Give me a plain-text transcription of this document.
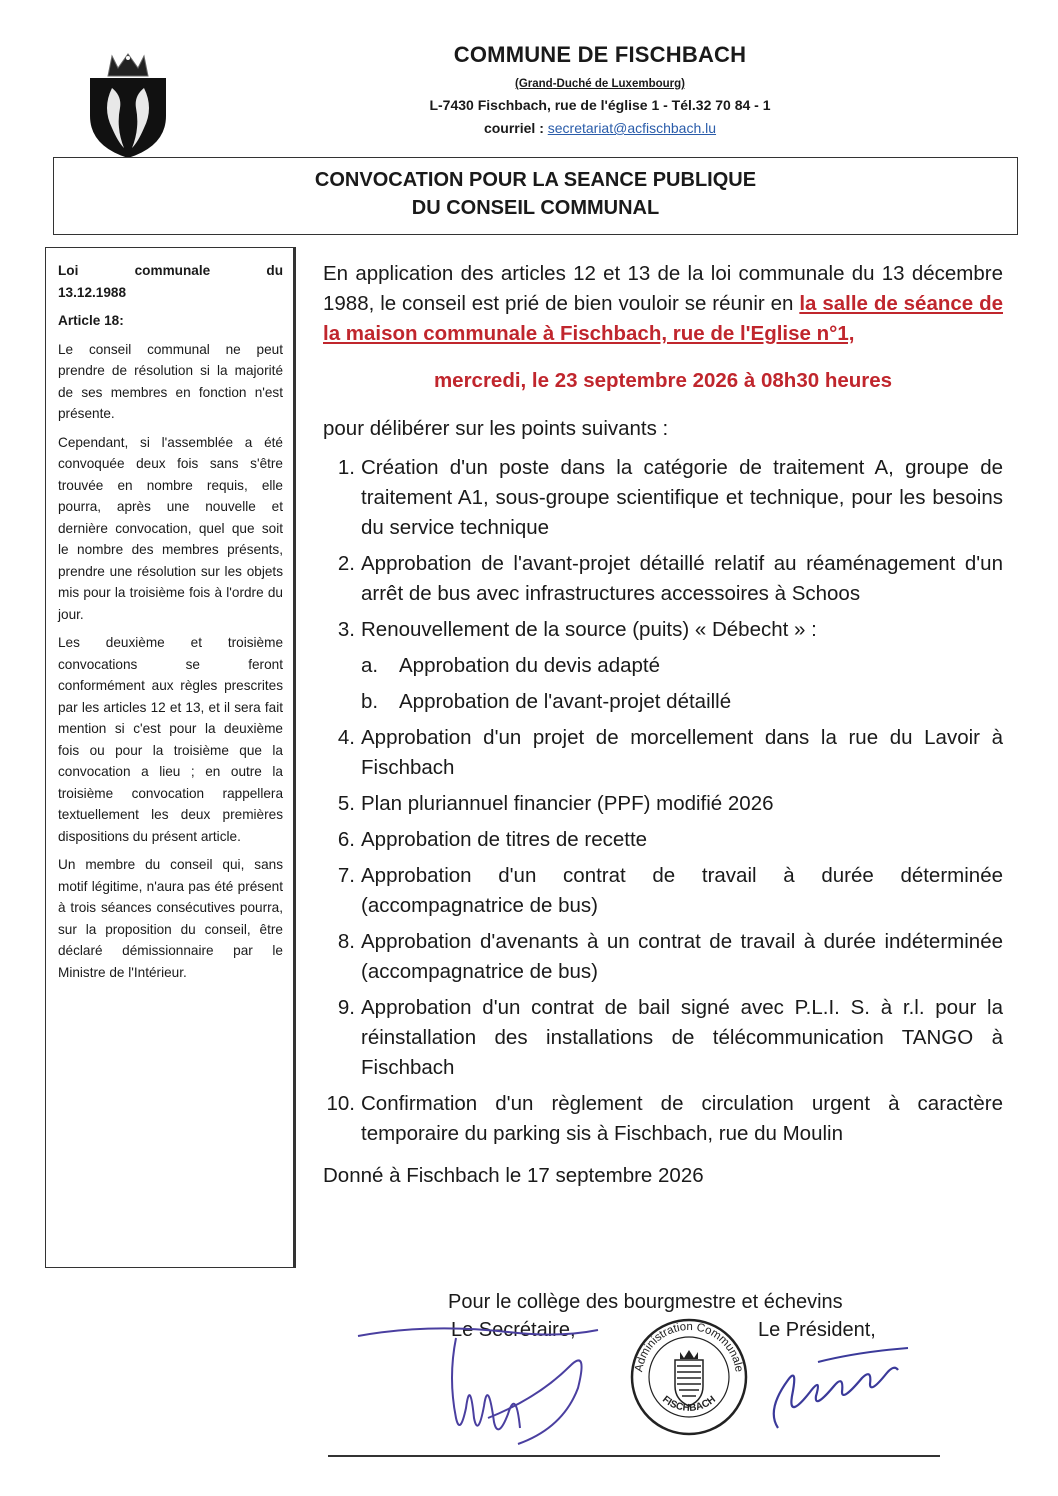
COMMUNE DE FISCHBACH
(Grand-Duché de Luxembourg)
L-7430 Fischbach, rue de l'église 1 - Tél.32 70 84 - 1
courriel : secretariat@acfischbach.lu
CONVOCATION POUR LA SEANCE PUBLIQUE
DU CONSEIL COMMUNAL

Loi communale du

13.12.1988

Article 18:

Le conseil communal ne peut prendre de résolution si la majorité de ses membres en fonction n'est présente.

Cependant, si l'assemblée a été convoquée deux fois sans s'être trouvée en nombre requis, elle pourra, après une nouvelle et dernière convocation, quel que soit le nombre des membres présents, prendre une résolution sur les objets mis pour la troisième fois à l'ordre du jour.

Les deuxième et troisième convocations se feront conformément aux règles prescrites par les articles 12 et 13, et il sera fait mention si c'est pour la deuxième fois ou pour la troisième que la convocation a lieu ; en outre la troisième convocation rappellera textuellement les deux premières dispositions du présent article.

Un membre du conseil qui, sans motif légitime, n'aura pas été présent à trois séances consécutives pourra, sur la proposition du conseil, être déclaré démissionnaire par le Ministre de l'Intérieur.

En application des articles 12 et 13 de la loi communale du 13 décembre 1988, le conseil est prié de bien vouloir se réunir en la salle de séance de la maison communale à Fischbach, rue de l'Eglise n°1,

mercredi, le 23 septembre 2026 à 08h30 heures

pour délibérer sur les points suivants :

1. Création d'un poste dans la catégorie de traitement A, groupe de traitement A1, sous-groupe scientifique et technique, pour les besoins du service technique
2. Approbation de l'avant-projet détaillé relatif au réaménagement d'un arrêt de bus avec infrastructures accessoires à Schoos
3. Renouvellement de la source (puits) « Débecht » :
a. Approbation du devis adapté
b. Approbation de l'avant-projet détaillé
4. Approbation d'un projet de morcellement dans la rue du Lavoir à Fischbach
5. Plan pluriannuel financier (PPF) modifié 2026
6. Approbation de titres de recette
7. Approbation d'un contrat de travail à durée déterminée (accompagnatrice de bus)
8. Approbation d'avenants à un contrat de travail à durée indéterminée (accompagnatrice de bus)
9. Approbation d'un contrat de bail signé avec P.L.I. S. à r.l. pour la réinstallation des installations de télécommunication TANGO à Fischbach
10. Confirmation d'un règlement de circulation urgent à caractère temporaire du parking sis à Fischbach, rue du Moulin

Donné à Fischbach le 17 septembre 2026

Pour le collège des bourgmestre et échevins
Le Secrétaire,	Le Président,
Administration Communale
FISCHBACH
